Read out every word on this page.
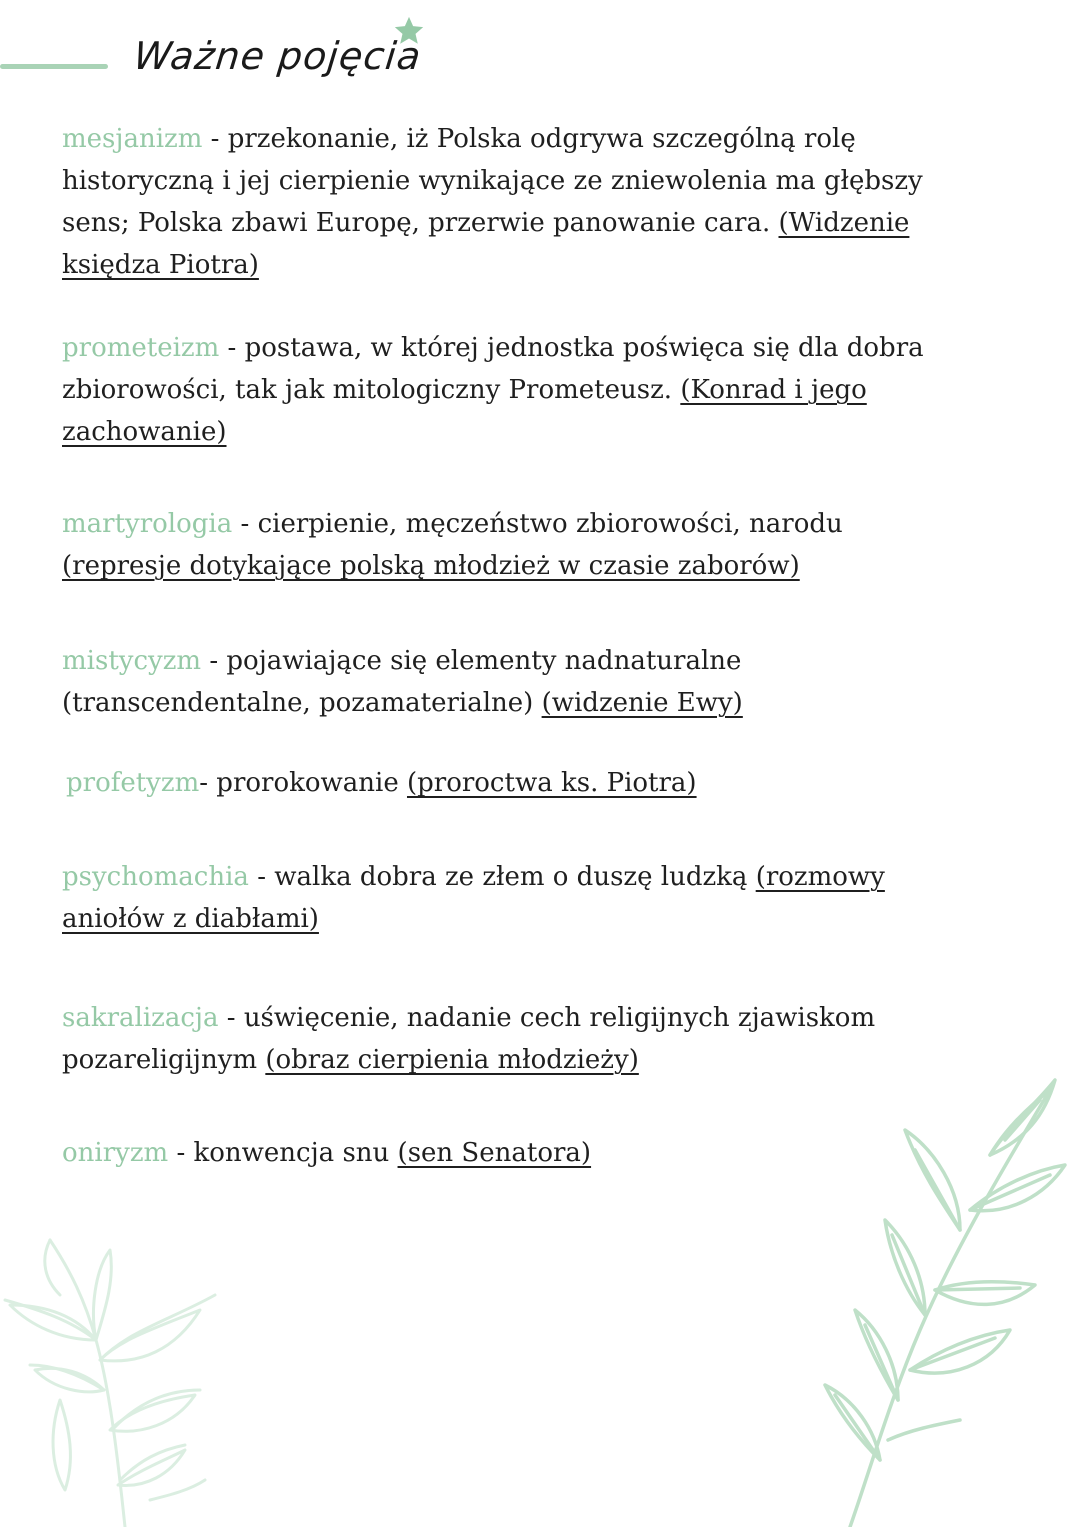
Ważne pojęcia

mesjanizm - przekonanie, iż Polska odgrywa szczególną rolę historyczną i jej cierpienie wynikające ze zniewolenia ma głębszy sens; Polska zbawi Europę, przerwie panowanie cara. (Widzenie księdza Piotra)

prometeizm - postawa, w której jednostka poświęca się dla dobra zbiorowości, tak jak mitologiczny Prometeusz. (Konrad i jego zachowanie)

martyrologia - cierpienie, męczeństwo zbiorowości, narodu (represje dotykające polską młodzież w czasie zaborów)

mistycyzm - pojawiające się elementy nadnaturalne (transcendentalne, pozamaterialne) (widzenie Ewy)

profetyzm- prorokowanie (proroctwa ks. Piotra)

psychomachia - walka dobra ze złem o duszę ludzką (rozmowy aniołów z diabłami)

sakralizacja - uświęcenie, nadanie cech religijnych zjawiskom pozareligijnym (obraz cierpienia młodzieży)

oniryzm - konwencja snu (sen Senatora)
